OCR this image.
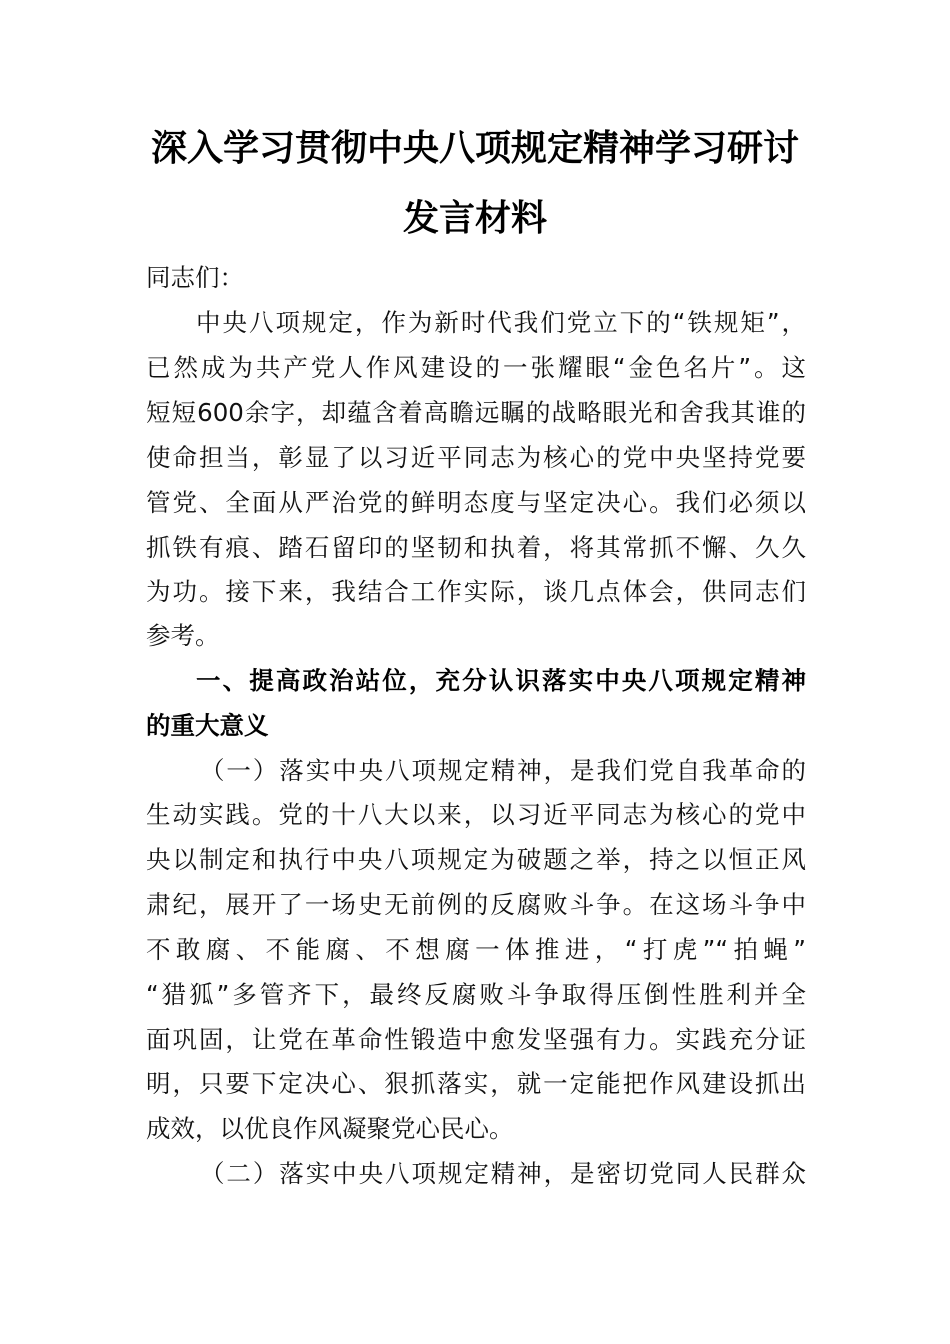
深入学习贯彻中央八项规定精神学习研讨
发言材料
同志们：
中央八项规定，作为新时代我们党立下的“铁规矩”，
已然成为共产党人作风建设的一张耀眼“金色名片”。这
短短600余字，却蕴含着高瞻远瞩的战略眼光和舍我其谁的
使命担当，彰显了以习近平同志为核心的党中央坚持党要
管党、全面从严治党的鲜明态度与坚定决心。我们必须以
抓铁有痕、踏石留印的坚韧和执着，将其常抓不懈、久久
为功。接下来，我结合工作实际，谈几点体会，供同志们
参考。
一、提高政治站位，充分认识落实中央八项规定精神
的重大意义
（一）落实中央八项规定精神，是我们党自我革命的
生动实践。党的十八大以来，以习近平同志为核心的党中
央以制定和执行中央八项规定为破题之举，持之以恒正风
肃纪，展开了一场史无前例的反腐败斗争。在这场斗争中
不敢腐、不能腐、不想腐一体推进，“打虎”“拍蝇”
“猎狐”多管齐下，最终反腐败斗争取得压倒性胜利并全
面巩固，让党在革命性锻造中愈发坚强有力。实践充分证
明，只要下定决心、狠抓落实，就一定能把作风建设抓出
成效，以优良作风凝聚党心民心。
（二）落实中央八项规定精神，是密切党同人民群众
